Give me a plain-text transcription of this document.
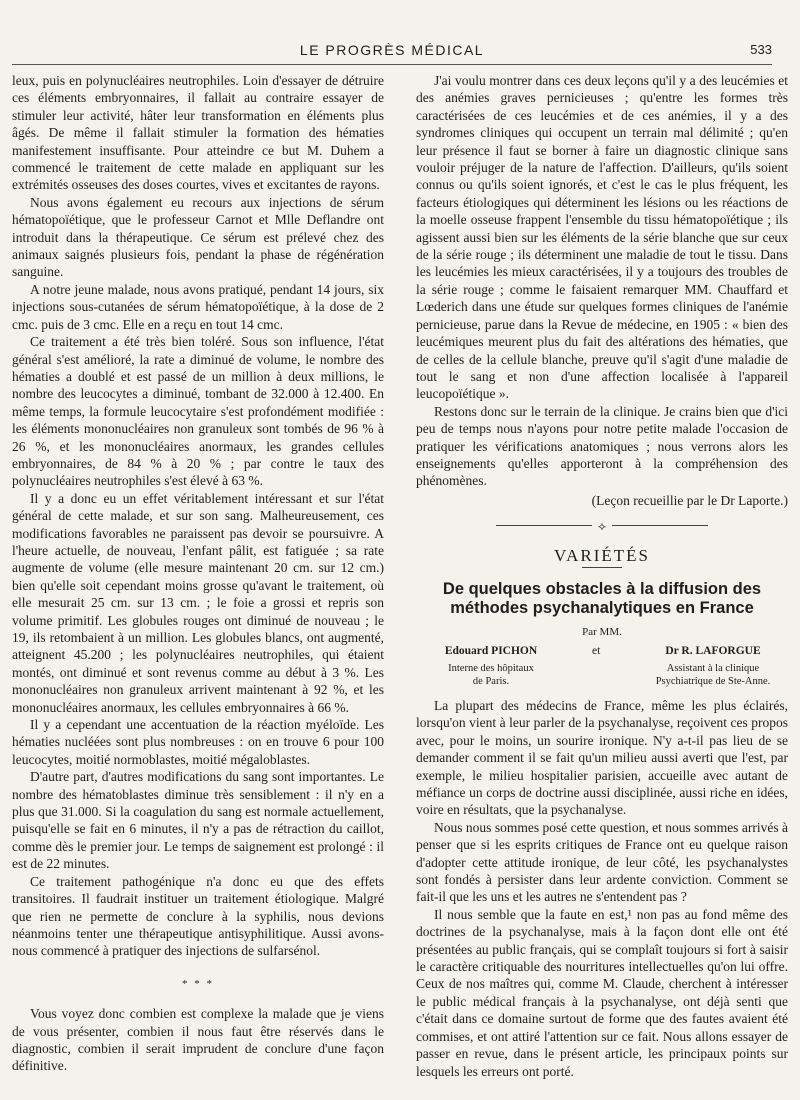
LE PROGRÈS MÉDICAL	533

leux, puis en polynucléaires neutrophiles. Loin d'essayer de détruire ces éléments embryonnaires, il fallait au contraire essayer de stimuler leur activité, hâter leur transformation en éléments plus âgés. De même il fallait stimuler la formation des hématies manifestement insuffisante. Pour atteindre ce but M. Duhem a commencé le traitement de cette malade en appliquant sur les extrémités osseuses des doses courtes, vives et excitantes de rayons.

Nous avons également eu recours aux injections de sérum hématopoïétique, que le professeur Carnot et Mlle Deflandre ont introduit dans la thérapeutique. Ce sérum est prélevé chez des animaux saignés plusieurs fois, pendant la phase de régénération sanguine.

A notre jeune malade, nous avons pratiqué, pendant 14 jours, six injections sous-cutanées de sérum hématopoïétique, à la dose de 2 cmc. puis de 3 cmc. Elle en a reçu en tout 14 cmc.

Ce traitement a été très bien toléré. Sous son influence, l'état général s'est amélioré, la rate a diminué de volume, le nombre des hématies a doublé et est passé de un million à deux millions, le nombre des leucocytes a diminué, tombant de 32.000 à 12.400. En même temps, la formule leucocytaire s'est profondément modifiée : les éléments mononucléaires non granuleux sont tombés de 96 % à 26 %, et les mononucléaires anormaux, les grandes cellules embryonnaires, de 84 % à 20 % ; par contre le taux des polynucléaires neutrophiles s'est élevé à 63 %.

Il y a donc eu un effet véritablement intéressant et sur l'état général de cette malade, et sur son sang. Malheureusement, ces modifications favorables ne paraissent pas devoir se poursuivre. A l'heure actuelle, de nouveau, l'enfant pâlit, est fatiguée ; sa rate augmente de volume (elle mesure maintenant 20 cm. sur 12 cm.) bien qu'elle soit cependant moins grosse qu'avant le traitement, où elle mesurait 25 cm. sur 13 cm. ; le foie a grossi et repris son volume primitif. Les globules rouges ont diminué de nouveau ; le 19, ils retombaient à un million. Les globules blancs, ont augmenté, atteignent 45.200 ; les polynucléaires neutrophiles, qui étaient montés, ont diminué et sont revenus comme au début à 3 %. Les mononucléaires non granuleux arrivent maintenant à 92 %, et les mononucléaires anormaux, les cellules embryonnaires à 66 %.

Il y a cependant une accentuation de la réaction myéloïde. Les hématies nucléées sont plus nombreuses : on en trouve 6 pour 100 leucocytes, moitié normoblastes, moitié mégaloblastes.

D'autre part, d'autres modifications du sang sont importantes. Le nombre des hématoblastes diminue très sensiblement : il n'y en a plus que 31.000. Si la coagulation du sang est normale actuellement, puisqu'elle se fait en 6 minutes, il n'y a pas de rétraction du caillot, comme dès le premier jour. Le temps de saignement est prolongé : il est de 22 minutes.

Ce traitement pathogénique n'a donc eu que des effets transitoires. Il faudrait instituer un traitement étiologique. Malgré que rien ne permette de conclure à la syphilis, nous devions néanmoins tenter une thérapeutique antisyphilitique. Aussi avons-nous commencé à pratiquer des injections de sulfarsénol.

* * *

Vous voyez donc combien est complexe la malade que je viens de vous présenter, combien il nous faut être réservés dans le diagnostic, combien il serait imprudent de conclure d'une façon définitive.

J'ai voulu montrer dans ces deux leçons qu'il y a des leucémies et des anémies graves pernicieuses ; qu'entre les formes très caractérisées de ces leucémies et de ces anémies, il y a des syndromes cliniques qui occupent un terrain mal délimité ; qu'en leur présence il faut se borner à faire un diagnostic clinique sans vouloir préjuger de la nature de l'affection. D'ailleurs, qu'ils soient connus ou qu'ils soient ignorés, et c'est le cas le plus fréquent, les facteurs étiologiques qui déterminent les lésions ou les réactions de la moelle osseuse frappent l'ensemble du tissu hématopoïétique ; ils agissent aussi bien sur les éléments de la série blanche que sur ceux de la série rouge ; ils déterminent une maladie de tout le tissu. Dans les leucémies les mieux caractérisées, il y a toujours des troubles de la série rouge ; comme le faisaient remarquer MM. Chauffard et Lœderich dans une étude sur quelques formes cliniques de l'anémie pernicieuse, parue dans la Revue de médecine, en 1905 : « bien des leucémiques meurent plus du fait des altérations des hématies, que de celles de la cellule blanche, preuve qu'il s'agit d'une maladie de tout le sang et non d'une affection localisée à l'appareil leucopoïétique ».

Restons donc sur le terrain de la clinique. Je crains bien que d'ici peu de temps nous n'ayons pour notre petite malade l'occasion de pratiquer les vérifications anatomiques ; nous verrons alors les enseignements qu'elles apporteront à la compréhension des phénomènes.

(Leçon recueillie par le Dr Laporte.)

⟡

VARIÉTÉS

De quelques obstacles à la diffusion des méthodes psychanalytiques en France

Par MM.

Edouard PICHON
Interne des hôpitaux
de Paris.
et	Dr R. LAFORGUE
Assistant à la clinique
Psychiatrique de Ste-Anne.

La plupart des médecins de France, même les plus éclairés, lorsqu'on vient à leur parler de la psychanalyse, reçoivent ces propos avec, pour le moins, un sourire ironique. N'y a-t-il pas lieu de se demander comment il se fait qu'un milieu aussi averti que l'est, par exemple, le milieu hospitalier parisien, accueille avec autant de méfiance un corps de doctrine aussi disciplinée, aussi riche en idées, voire en résultats, que la psychanalyse.

Nous nous sommes posé cette question, et nous sommes arrivés à penser que si les esprits critiques de France ont eu quelque raison d'adopter cette attitude ironique, de leur côté, les psychanalystes sont fondés à persister dans leur ardente conviction. Comment se fait-il que les uns et les autres ne s'entendent pas ?

Il nous semble que la faute en est,¹ non pas au fond même des doctrines de la psychanalyse, mais à la façon dont elle ont été présentées au public français, qui se complaît toujours si fort à saisir le caractère critiquable des nourritures intellectuelles qu'on lui offre. Ceux de nos maîtres qui, comme M. Claude, cherchent à intéresser le public médical français à la psychanalyse, ont déjà senti que c'était dans ce domaine surtout de forme que des fautes avaient été commises, et ont attiré l'attention sur ce fait. Nous allons essayer de passer en revue, dans le présent article, les principaux points sur lesquels les erreurs ont porté.
